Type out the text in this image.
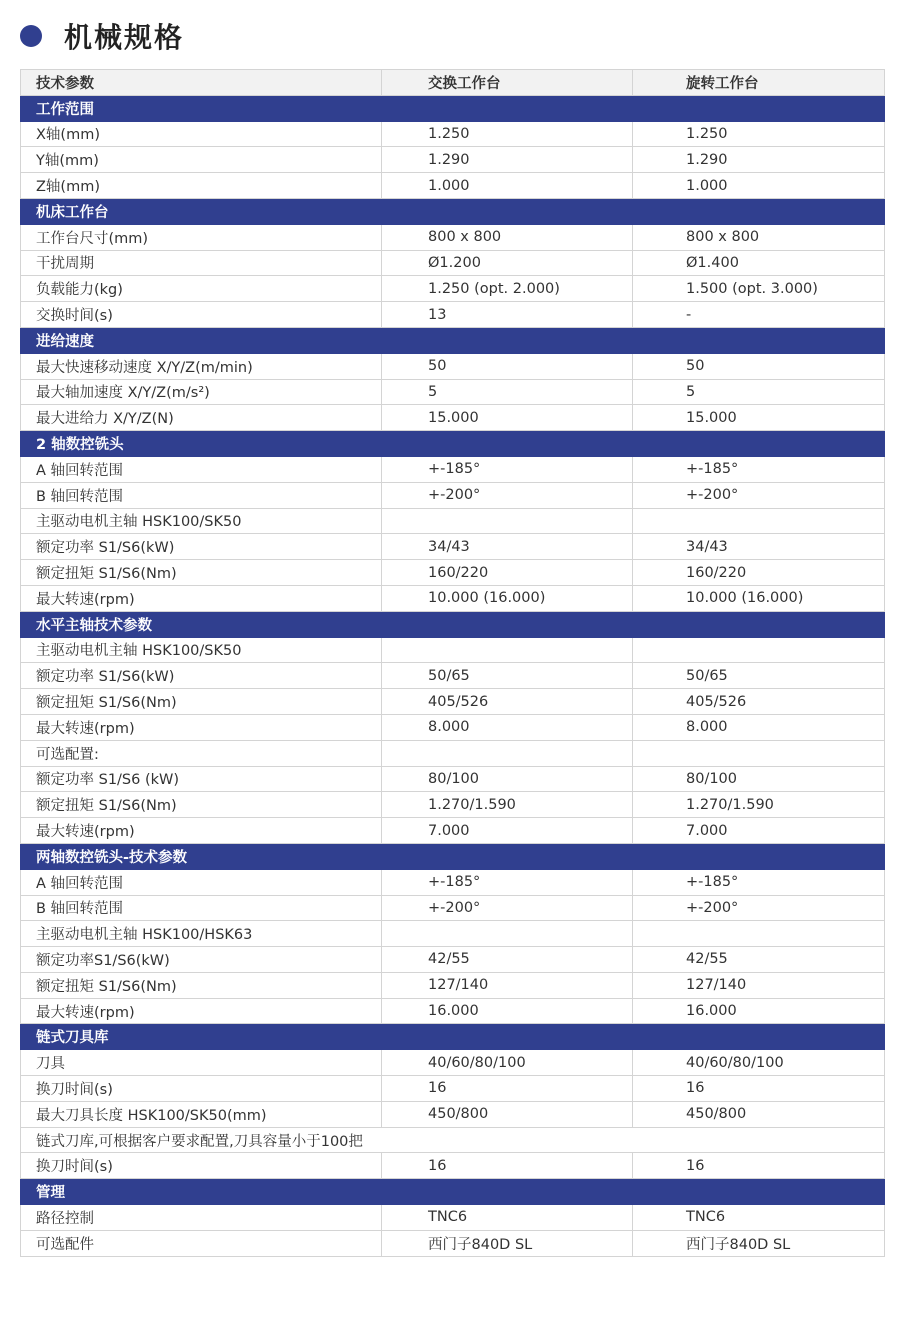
机械规格
技术参数	交换工作台	旋转工作台
工作范围		
X轴(mm)	1.250	1.250
Y轴(mm)	1.290	1.290
Z轴(mm)	1.000	1.000
机床工作台		
工作台尺寸(mm)	800 x 800	800 x 800
干扰周期	Ø1.200	Ø1.400
负载能力(kg)	1.250 (opt. 2.000)	1.500 (opt. 3.000)
交换时间(s)	13	-
进给速度		
最大快速移动速度 X/Y/Z(m/min)	50	50
最大轴加速度 X/Y/Z(m/s²)	5	5
最大进给力 X/Y/Z(N)	15.000	15.000
2 轴数控铣头		
A 轴回转范围	+-185°	+-185°
B 轴回转范围	+-200°	+-200°
主驱动电机主轴 HSK100/SK50		
额定功率 S1/S6(kW)	34/43	34/43
额定扭矩 S1/S6(Nm)	160/220	160/220
最大转速(rpm)	10.000 (16.000)	10.000 (16.000)
水平主轴技术参数		
主驱动电机主轴 HSK100/SK50		
额定功率 S1/S6(kW)	50/65	50/65
额定扭矩 S1/S6(Nm)	405/526	405/526
最大转速(rpm)	8.000	8.000
可选配置:		
额定功率 S1/S6 (kW)	80/100	80/100
额定扭矩 S1/S6(Nm)	1.270/1.590	1.270/1.590
最大转速(rpm)	7.000	7.000
两轴数控铣头-技术参数		
A 轴回转范围	+-185°	+-185°
B 轴回转范围	+-200°	+-200°
主驱动电机主轴 HSK100/HSK63		
额定功率S1/S6(kW)	42/55	42/55
额定扭矩 S1/S6(Nm)	127/140	127/140
最大转速(rpm)	16.000	16.000
链式刀具库		
刀具	40/60/80/100	40/60/80/100
换刀时间(s)	16	16
最大刀具长度 HSK100/SK50(mm)	450/800	450/800
链式刀库,可根据客户要求配置,刀具容量小于100把		
换刀时间(s)	16	16
管理		
路径控制	TNC6	TNC6
可选配件	西门子840D SL	西门子840D SL
